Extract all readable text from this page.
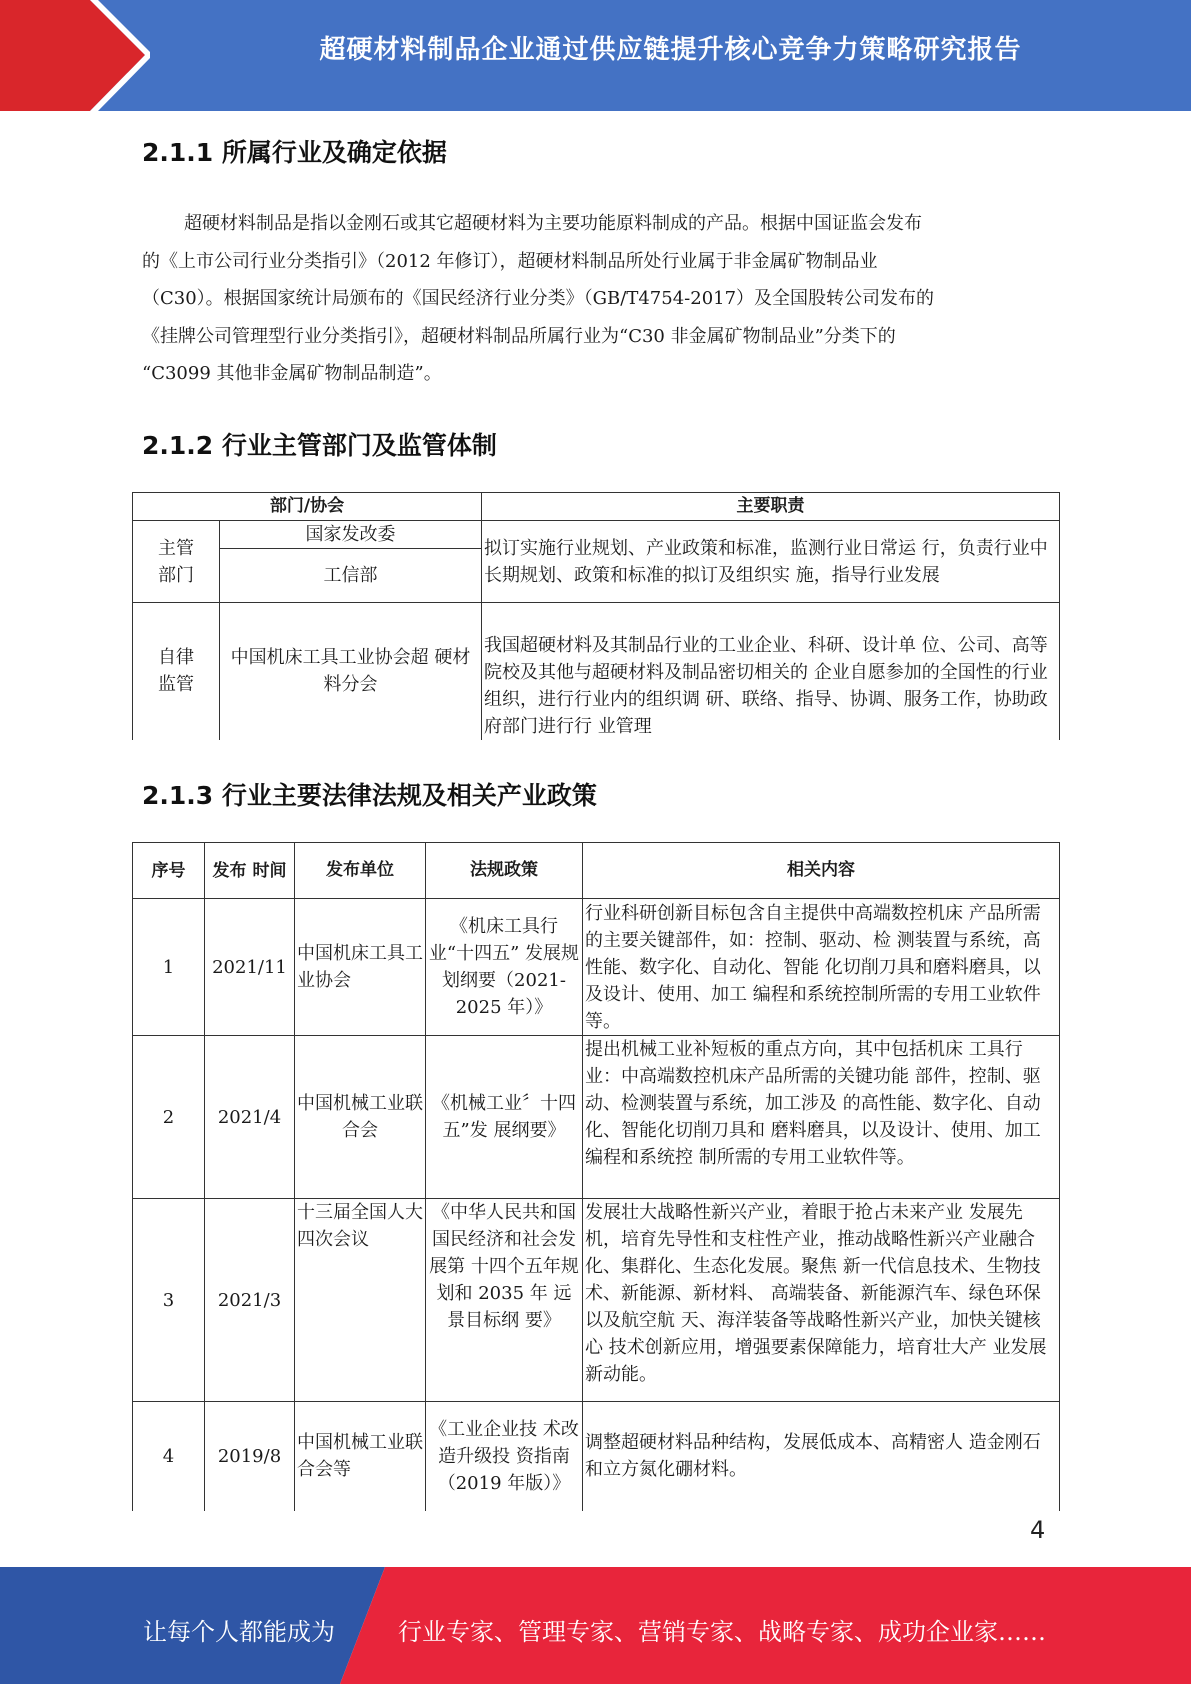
超硬材料制品企业通过供应链提升核心竞争力策略研究报告
2.1.1 所属行业及确定依据
超硬材料制品是指以金刚石或其它超硬材料为主要功能原料制成的产品。根据中国证监会发布
的《上市公司行业分类指引》（2012 年修订），超硬材料制品所处行业属于非金属矿物制品业
（C30）。根据国家统计局颁布的《国民经济行业分类》（GB/T4754-2017）及全国股转公司发布的
《挂牌公司管理型行业分类指引》，超硬材料制品所属行业为“C30 非金属矿物制品业”分类下的
“C3099 其他非金属矿物制品制造”。
2.1.2 行业主管部门及监管体制
部门/协会		主要职责
主管
部门	国家发改委	拟订实施行业规划、产业政策和标准，监测行业日常运 行，负责行业中长期规划、政策和标准的拟订及组织实 施，指导行业发展
	工信部	
自律
监管	中国机床工具工业协会超 硬材料分会	我国超硬材料及其制品行业的工业企业、科研、设计单 位、公司、高等院校及其他与超硬材料及制品密切相关的 企业自愿参加的全国性的行业组织，进行行业内的组织调 研、联络、指导、协调、服务工作，协助政府部门进行行 业管理
2.1.3 行业主要法律法规及相关产业政策
序号	发布 时间	发布单位	法规政策	相关内容
1	2021/11	中国机床工具工业协会	《机床工具行 业“十四五” 发展规划纲要（2021-2025 年）》	行业科研创新目标包含自主提供中高端数控机床 产品所需的主要关键部件，如：控制、驱动、检 测装置与系统，高性能、数字化、自动化、智能 化切削刀具和磨料磨具，以及设计、使用、加工 编程和系统控制所需的专用工业软件等。
2	2021/4	中国机械工业联合会	《机械工业〞十四五”发 展纲要》	提出机械工业补短板的重点方向，其中包括机床 工具行业：中高端数控机床产品所需的关键功能 部件，控制、驱动、检测装置与系统，加工涉及 的高性能、数字化、自动化、智能化切削刀具和 磨料磨具，以及设计、使用、加工编程和系统控 制所需的专用工业软件等。
3	2021/3	十三届全国人大四次会议	《中华人民共和国国民经济和社会发展第 十四个五年规 划和 2035 年 远景目标纲 要》	发展壮大战略性新兴产业，着眼于抢占未来产业 发展先机，培育先导性和支柱性产业，推动战略性新兴产业融合化、集群化、生态化发展。聚焦 新一代信息技术、生物技术、新能源、新材料、 高端装备、新能源汽车、绿色环保以及航空航 天、海洋装备等战略性新兴产业，加快关键核心 技术创新应用，增强要素保障能力，培育壮大产 业发展新动能。
4	2019/8	中国机械工业联合会等	《工业企业技 术改造升级投 资指南（2019 年版）》	调整超硬材料品种结构，发展低成本、高精密人 造金刚石和立方氮化硼材料。
4
让每个人都能成为	行业专家、管理专家、营销专家、战略专家、成功企业家……
